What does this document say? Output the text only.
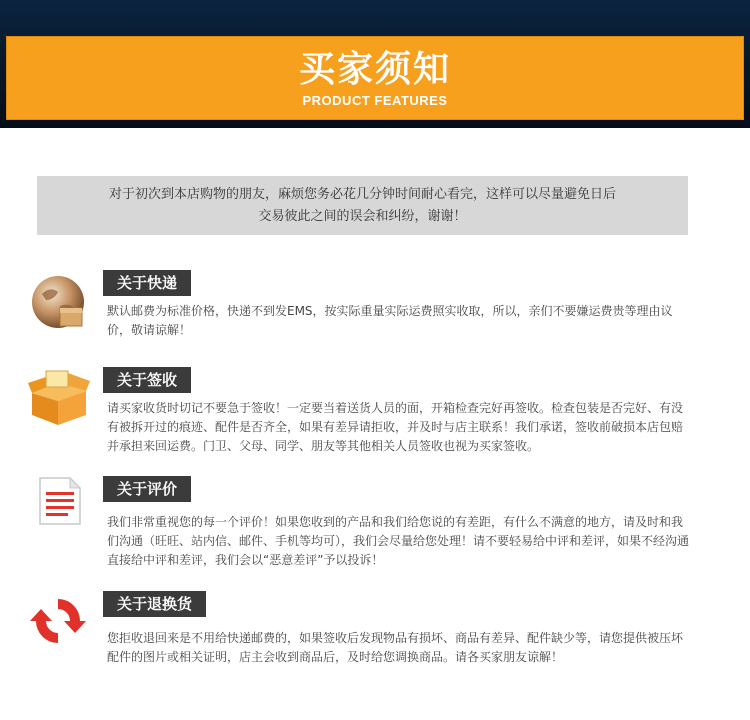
买家须知
PRODUCT FEATURES

对于初次到本店购物的朋友，麻烦您务必花几分钟时间耐心看完，这样可以尽量避免日后

交易彼此之间的误会和纠纷，谢谢！

关于快递

默认邮费为标准价格，快递不到发EMS，按实际重量实际运费照实收取，所以，亲们不要嫌运费贵等理由议价，敬请谅解！

关于签收

请买家收货时切记不要急于签收！一定要当着送货人员的面，开箱检查完好再签收。检查包装是否完好、有没有被拆开过的痕迹、配件是否齐全，如果有差异请拒收，并及时与店主联系！我们承诺，签收前破损本店包赔并承担来回运费。门卫、父母、同学、朋友等其他相关人员签收也视为买家签收。

关于评价

我们非常重视您的每一个评价！如果您收到的产品和我们给您说的有差距，有什么不满意的地方，请及时和我们沟通（旺旺、站内信、邮件、手机等均可），我们会尽量给您处理！请不要轻易给中评和差评，如果不经沟通直接给中评和差评，我们会以“恶意差评”予以投诉！

关于退换货

您拒收退回来是不用给快递邮费的，如果签收后发现物品有损坏、商品有差异、配件缺少等，请您提供被压坏配件的图片或相关证明，店主会收到商品后，及时给您调换商品。请各买家朋友谅解！
